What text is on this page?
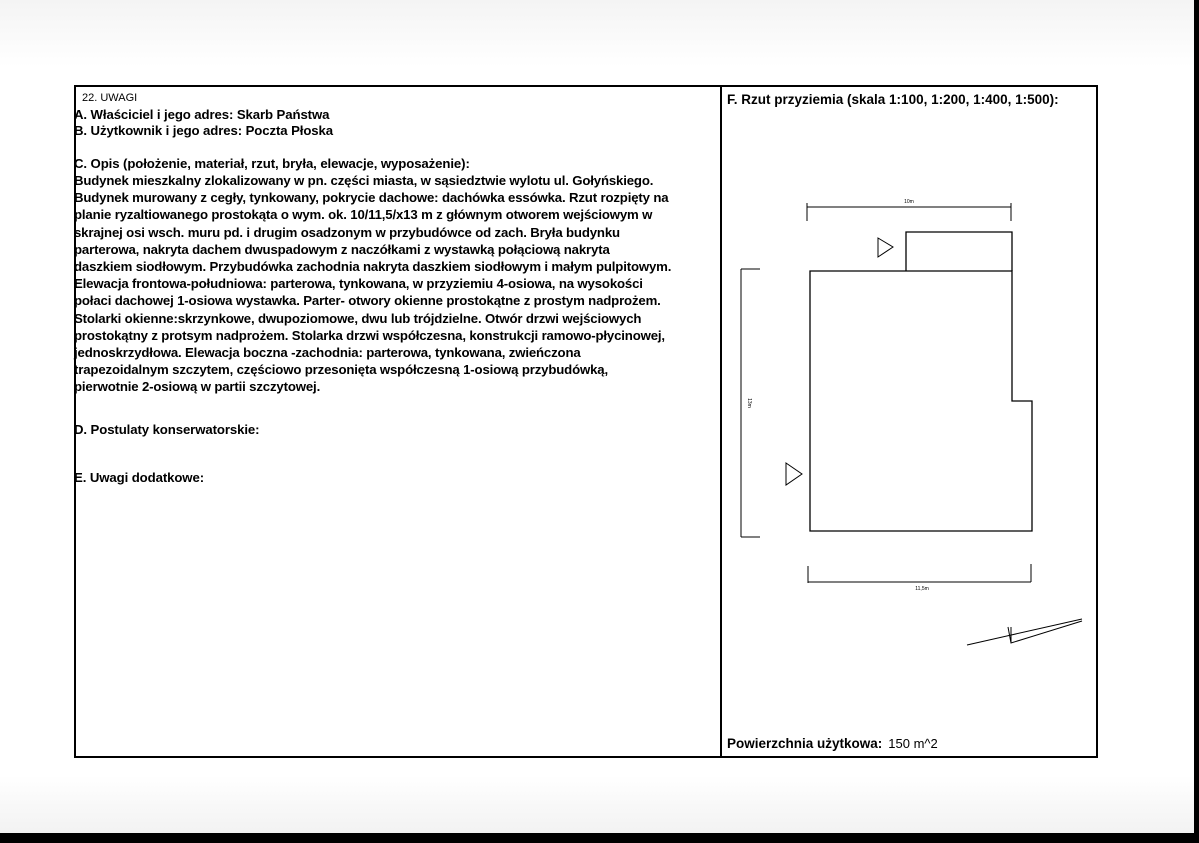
22. UWAGI
A. Właściciel i jego adres: Skarb Państwa
B. Użytkownik i jego adres: Poczta Płoska
C. Opis (położenie, materiał, rzut, bryła, elewacje, wyposażenie):
Budynek mieszkalny zlokalizowany w pn. części miasta, w sąsiedztwie wylotu ul. Gołyńskiego.
Budynek murowany z cegły, tynkowany, pokrycie dachowe: dachówka essówka. Rzut rozpięty na
planie ryzaltiowanego prostokąta o wym. ok. 10/11,5/x13 m z głównym otworem wejściowym w
skrajnej osi wsch. muru pd. i drugim osadzonym w przybudówce od zach. Bryła budynku
parterowa, nakryta dachem dwuspadowym z naczółkami z wystawką połąciową nakryta
daszkiem siodłowym. Przybudówka zachodnia nakryta daszkiem siodłowym i małym pulpitowym.
Elewacja frontowa-południowa: parterowa, tynkowana, w przyziemiu 4-osiowa, na wysokości
połaci dachowej 1-osiowa wystawka. Parter- otwory okienne prostokątne z prostym nadprożem.
Stolarki okienne:skrzynkowe, dwupoziomowe, dwu lub trójdzielne. Otwór drzwi wejściowych
prostokątny z protsym nadprożem. Stolarka drzwi współczesna, konstrukcji ramowo-płycinowej,
jednoskrzydłowa. Elewacja boczna -zachodnia: parterowa, tynkowana, zwieńczona
trapezoidalnym szczytem, częściowo przesonięta współczesną 1-osiową przybudówką,
pierwotnie 2-osiową w partii szczytowej.
D. Postulaty konserwatorskie:
E. Uwagi dodatkowe:
F. Rzut przyziemia (skala 1:100, 1:200, 1:400, 1:500):
10m
13m
11,5m
Powierzchnia użytkowa: 150 m^2
